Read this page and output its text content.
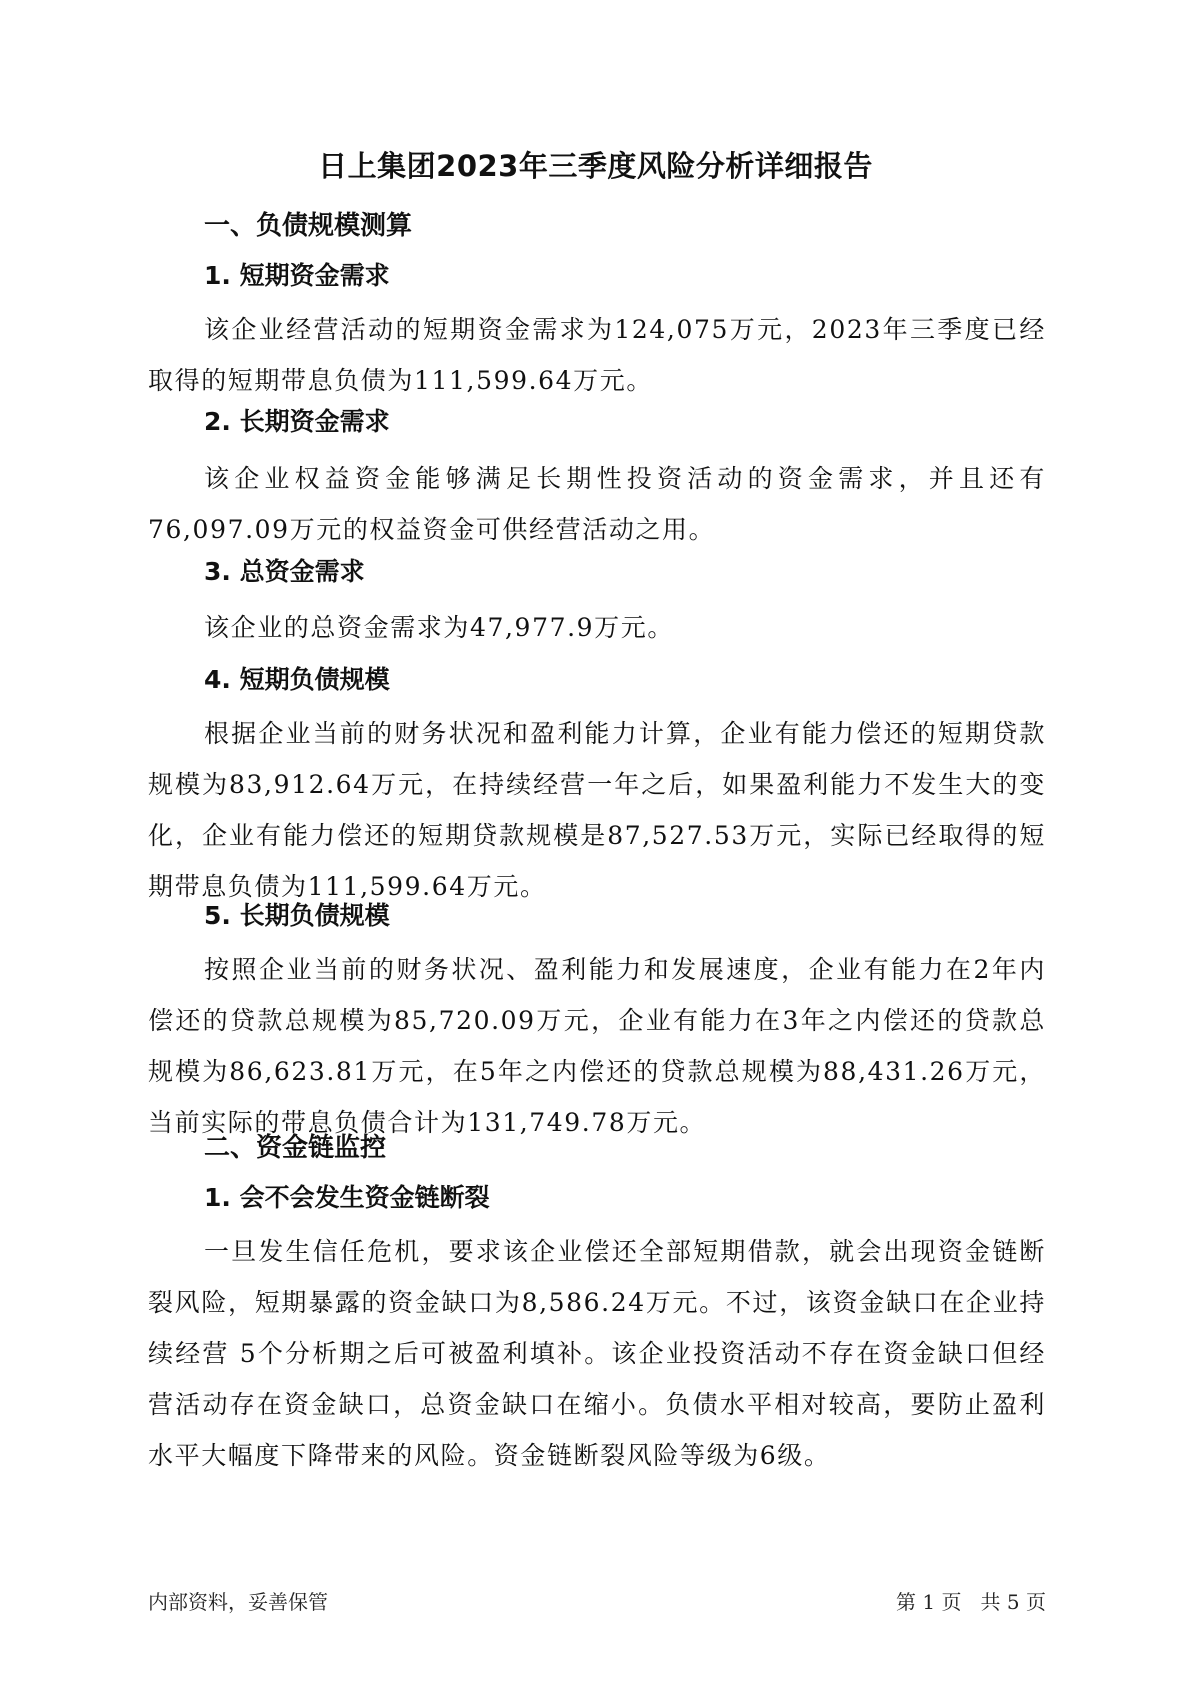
日上集团2023年三季度风险分析详细报告
一、负债规模测算
1. 短期资金需求
该企业经营活动的短期资金需求为124,075万元，2023年三季度已经取得的短期带息负债为111,599.64万元。
2. 长期资金需求
该企业权益资金能够满足长期性投资活动的资金需求，并且还有76,097.09万元的权益资金可供经营活动之用。
3. 总资金需求
该企业的总资金需求为47,977.9万元。
4. 短期负债规模
根据企业当前的财务状况和盈利能力计算，企业有能力偿还的短期贷款规模为83,912.64万元，在持续经营一年之后，如果盈利能力不发生大的变化，企业有能力偿还的短期贷款规模是87,527.53万元，实际已经取得的短期带息负债为111,599.64万元。
5. 长期负债规模
按照企业当前的财务状况、盈利能力和发展速度，企业有能力在2年内偿还的贷款总规模为85,720.09万元，企业有能力在3年之内偿还的贷款总规模为86,623.81万元，在5年之内偿还的贷款总规模为88,431.26万元，当前实际的带息负债合计为131,749.78万元。
二、资金链监控
1. 会不会发生资金链断裂
一旦发生信任危机，要求该企业偿还全部短期借款，就会出现资金链断裂风险，短期暴露的资金缺口为8,586.24万元。不过，该资金缺口在企业持续经营 5个分析期之后可被盈利填补。该企业投资活动不存在资金缺口但经营活动存在资金缺口，总资金缺口在缩小。负债水平相对较高，要防止盈利水平大幅度下降带来的风险。资金链断裂风险等级为6级。
内部资料，妥善保管	第 1 页   共 5 页
